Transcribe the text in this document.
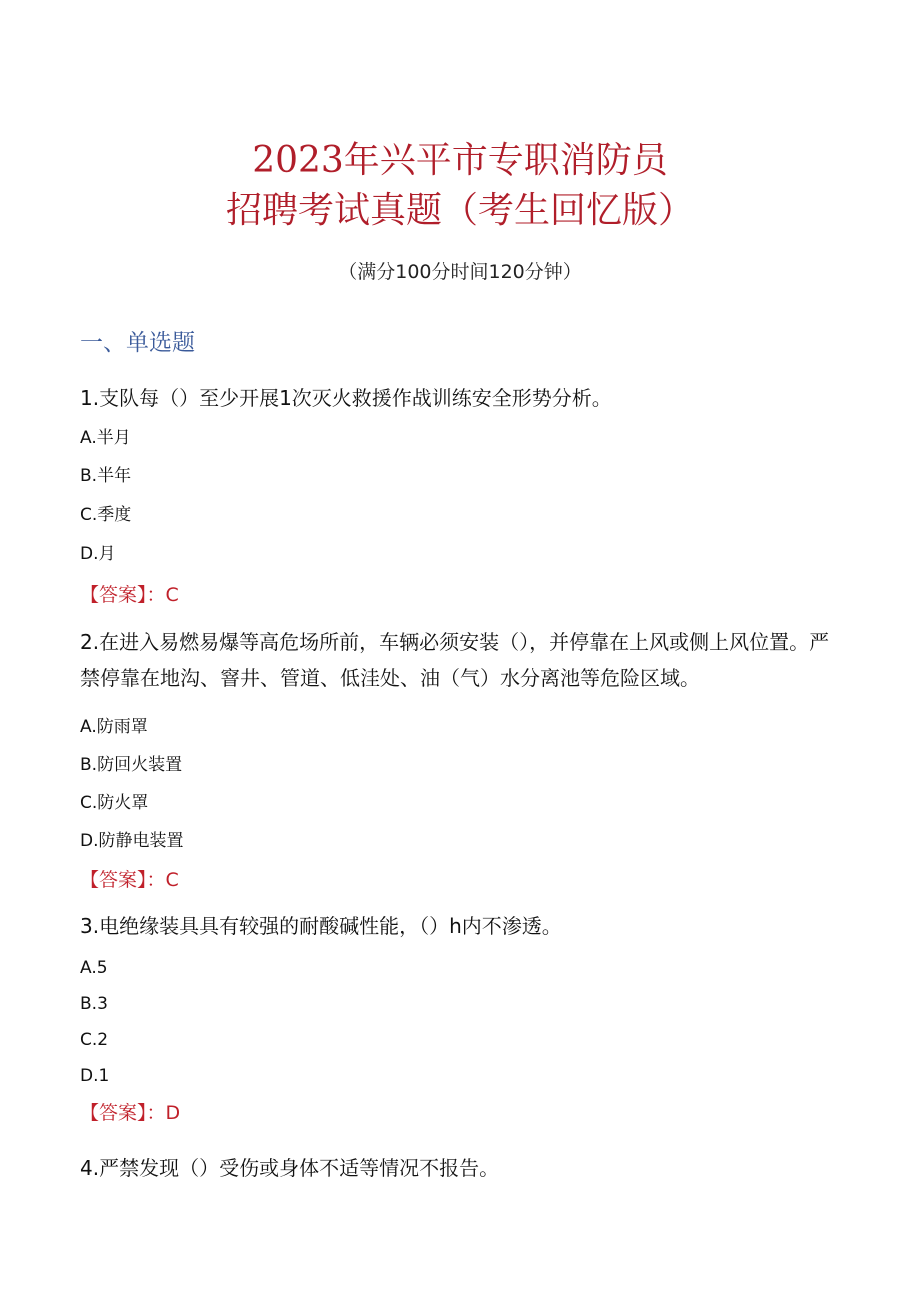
2023年兴平市专职消防员
招聘考试真题（考生回忆版）
（满分100分时间120分钟）
一、单选题
1.支队每（）至少开展1次灭火救援作战训练安全形势分析。
A.半月
B.半年
C.季度
D.月
【答案】：C
2.在进入易燃易爆等高危场所前，车辆必须安装（），并停靠在上风或侧上风位置。严禁停靠在地沟、窨井、管道、低洼处、油（气）水分离池等危险区域。
A.防雨罩
B.防回火装置
C.防火罩
D.防静电装置
【答案】：C
3.电绝缘装具具有较强的耐酸碱性能，（）h内不渗透。
A.5
B.3
C.2
D.1
【答案】：D
4.严禁发现（）受伤或身体不适等情况不报告。
